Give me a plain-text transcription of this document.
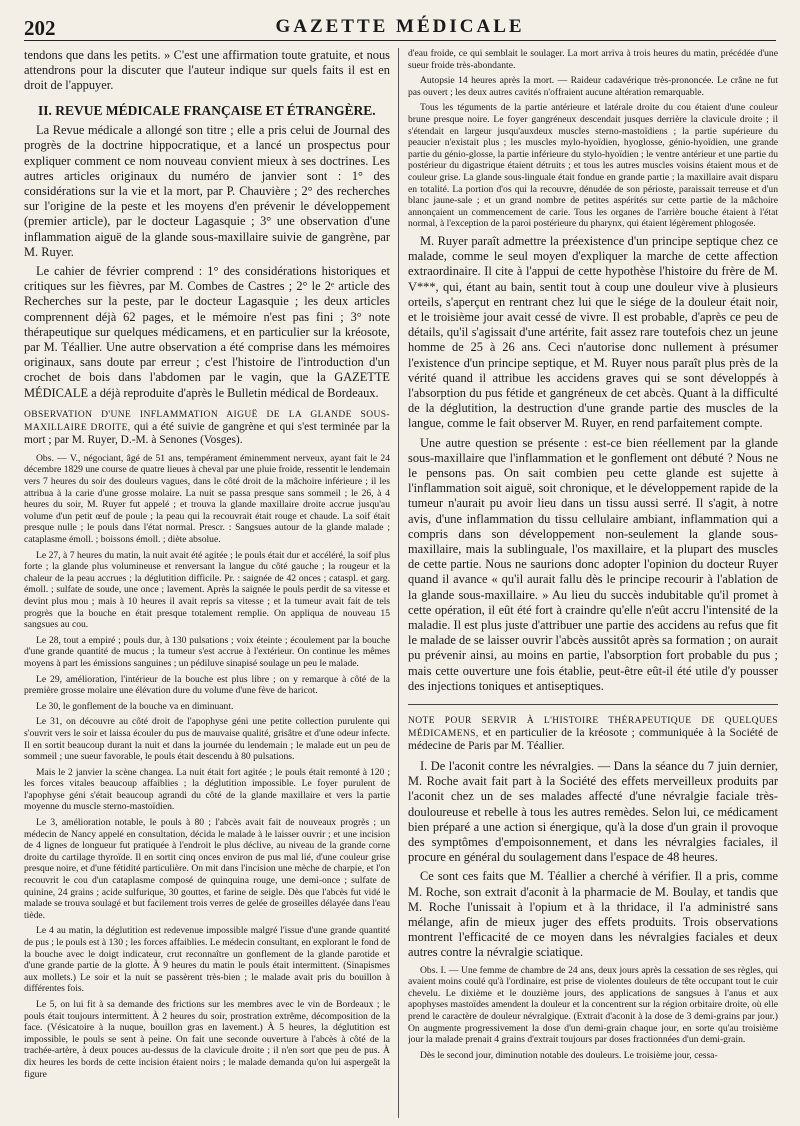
202	GAZETTE MÉDICALE

tendons que dans les petits. » C'est une affirmation toute gratuite, et nous attendrons pour la discuter que l'auteur indique sur quels faits il est en droit de l'appuyer.

II. REVUE MÉDICALE FRANÇAISE ET ÉTRANGÈRE.

La Revue médicale a allongé son titre ; elle a pris celui de Journal des progrès de la doctrine hippocratique, et a lancé un prospectus pour expliquer comment ce nom nouveau convient mieux à ses doctrines. Les autres articles originaux du numéro de janvier sont : 1° des considérations sur la vie et la mort, par P. Chauvière ; 2° des recherches sur l'origine de la peste et les moyens d'en prévenir le développement (premier article), par le docteur Lagasquie ; 3° une observation d'une inflammation aiguë de la glande sous-maxillaire suivie de gangrène, par M. Ruyer.

Le cahier de février comprend : 1° des considérations historiques et critiques sur les fièvres, par M. Combes de Castres ; 2° le 2ᵉ article des Recherches sur la peste, par le docteur Lagasquie ; les deux articles comprennent déjà 62 pages, et le mémoire n'est pas fini ; 3° note thérapeutique sur quelques médicamens, et en particulier sur la kréosote, par M. Téallier. Une autre observation a été comprise dans les mémoires originaux, sans doute par erreur ; c'est l'histoire de l'introduction d'un crochet de bois dans l'abdomen par le vagin, que la GAZETTE MÉDICALE a déjà reproduite d'après le Bulletin médical de Bordeaux.

OBSERVATION D'UNE INFLAMMATION AIGUË DE LA GLANDE SOUS-MAXILLAIRE DROITE, qui a été suivie de gangrène et qui s'est terminée par la mort ; par M. Ruyer, D.-M. à Senones (Vosges).

Obs. — V., négociant, âgé de 51 ans, tempérament éminemment nerveux, ayant fait le 24 décembre 1829 une course de quatre lieues à cheval par une pluie froide, ressentit le lendemain vers 7 heures du soir des douleurs vagues, dans le côté droit de la mâchoire inférieure ; il les attribua à la carie d'une grosse molaire. La nuit se passa presque sans sommeil ; le 26, à 4 heures du soir, M. Ruyer fut appelé ; et trouva la glande maxillaire droite accrue jusqu'au volume d'un petit œuf de poule ; la peau qui la recouvrait était rouge et chaude. La soif était presque nulle ; le pouls dans l'état normal. Prescr. : Sangsues autour de la glande malade ; cataplasme émoll. ; boissons émoll. ; diète absolue.

Le 27, à 7 heures du matin, la nuit avait été agitée ; le pouls était dur et accéléré, la soif plus forte ; la glande plus volumineuse et renversant la langue du côté gauche ; la rougeur et la chaleur de la peau accrues ; la déglutition difficile. Pr. : saignée de 42 onces ; cataspl. et garg. émoll. ; sulfate de soude, une once ; lavement. Après la saignée le pouls perdit de sa vitesse et devint plus mou ; mais à 10 heures il avait repris sa vitesse ; et la tumeur avait fait de tels progrès que la bouche en était presque totalement remplie. On appliqua de nouveau 15 sangsues au cou.

Le 28, tout a empiré ; pouls dur, à 130 pulsations ; voix éteinte ; écoulement par la bouche d'une grande quantité de mucus ; la tumeur s'est accrue à l'extérieur. On continue les mêmes moyens à part les émissions sanguines ; un pédiluve sinapisé soulage un peu le malade.

Le 29, amélioration, l'intérieur de la bouche est plus libre ; on y remarque à côté de la première grosse molaire une élévation dure du volume d'une fève de haricot.

Le 30, le gonflement de la bouche va en diminuant.

Le 31, on découvre au côté droit de l'apophyse géni une petite collection purulente qui s'ouvrit vers le soir et laissa écouler du pus de mauvaise qualité, grisâtre et d'une odeur infecte. Il en sortit beaucoup durant la nuit et dans la journée du lendemain ; le malade eut un peu de sommeil ; une sueur favorable, le pouls était descendu à 80 pulsations.

Mais le 2 janvier la scène changea. La nuit était fort agitée ; le pouls était remonté à 120 ; les forces vitales beaucoup affaiblies ; la déglutition impossible. Le foyer purulent de l'apophyse géni s'était beaucoup agrandi du côté de la glande maxillaire et vers la partie moyenne du muscle sterno-mastoïdien.

Le 3, amélioration notable, le pouls à 80 ; l'abcès avait fait de nouveaux progrès ; un médecin de Nancy appelé en consultation, décida le malade à le laisser ouvrir ; et une incision de 4 lignes de longueur fut pratiquée à l'endroit le plus déclive, au niveau de la grande corne droite du cartilage thyroïde. Il en sortit cinq onces environ de pus mal lié, d'une couleur grise presque noire, et d'une fétidité particulière. On mit dans l'incision une mèche de charpie, et l'on recouvrit le cou d'un cataplasme composé de quinquina rouge, une demi-once ; sulfate de quinine, 24 grains ; acide sulfurique, 30 gouttes, et farine de seigle. Dès que l'abcès fut vidé le malade se trouva soulagé et but facilement trois verres de gelée de groseilles délayée dans l'eau tiède.

Le 4 au matin, la déglutition est redevenue impossible malgré l'issue d'une grande quantité de pus ; le pouls est à 130 ; les forces affaiblies. Le médecin consultant, en explorant le fond de la bouche avec le doigt indicateur, crut reconnaître un gonflement de la glande parotide et d'une grande partie de la glotte. À 9 heures du matin le pouls était intermittent. (Sinapismes aux mollets.) Le soir et la nuit se passèrent très-bien ; le malade avait pris du bouillon à différentes fois.

Le 5, on lui fit à sa demande des frictions sur les membres avec le vin de Bordeaux ; le pouls était toujours intermittent. À 2 heures du soir, prostration extrême, décomposition de la face. (Vésicatoire à la nuque, bouillon gras en lavement.) À 5 heures, la déglutition est impossible, le pouls se sent à peine. On fait une seconde ouverture à l'abcès à côté de la trachée-artère, à deux pouces au-dessus de la clavicule droite ; il n'en sort que peu de pus. À dix heures les bords de cette incision étaient noirs ; le malade demanda qu'on lui aspergeât la figure

d'eau froide, ce qui semblait le soulager. La mort arriva à trois heures du matin, précédée d'une sueur froide très-abondante.

Autopsie 14 heures après la mort. — Raideur cadavérique très-prononcée. Le crâne ne fut pas ouvert ; les deux autres cavités n'offraient aucune altération remarquable.

Tous les téguments de la partie antérieure et latérale droite du cou étaient d'une couleur brune presque noire. Le foyer gangréneux descendait jusques derrière la clavicule droite ; il s'étendait en largeur jusqu'auxdeux muscles sterno-mastoïdiens ; la partie supérieure du peaucier n'existait plus ; les muscles mylo-hyoïdien, hyoglosse, génio-hyoïdien, une grande partie du génio-glosse, la partie inférieure du stylo-hyoïdien ; le ventre antérieur et une partie du postérieur du digastrique étaient détruits ; et tous les autres muscles voisins étaient mous et de couleur grise. La glande sous-linguale était fondue en grande partie ; la maxillaire avait disparu en totalité. La portion d'os qui la recouvre, dénudée de son périoste, paraissait terreuse et d'un blanc jaune-sale ; et un grand nombre de petites aspérités sur cette partie de la mâchoire annonçaient un commencement de carie. Tous les organes de l'arrière bouche étaient à l'état normal, à l'exception de la paroi postérieure du pharynx, qui étaient légèrement phlogosée.

M. Ruyer paraît admettre la préexistence d'un principe septique chez ce malade, comme le seul moyen d'expliquer la marche de cette affection extraordinaire. Il cite à l'appui de cette hypothèse l'histoire du frère de M. V***, qui, étant au bain, sentit tout à coup une douleur vive à plusieurs orteils, s'aperçut en rentrant chez lui que le siége de la douleur était noir, et le troisième jour avait cessé de vivre. Il est probable, d'après ce peu de détails, qu'il s'agissait d'une artérite, fait assez rare toutefois chez un jeune homme de 25 à 26 ans. Ceci n'autorise donc nullement à présumer l'existence d'un principe septique, et M. Ruyer nous paraît plus près de la vérité quand il attribue les accidens graves qui se sont développés à l'absorption du pus fétide et gangréneux de cet abcès. Quant à la difficulté de la déglutition, la destruction d'une grande partie des muscles de la langue, comme le fait observer M. Ruyer, en rend parfaitement compte.

Une autre question se présente : est-ce bien réellement par la glande sous-maxillaire que l'inflammation et le gonflement ont débuté ? Nous ne le pensons pas. On sait combien peu cette glande est sujette à l'inflammation soit aiguë, soit chronique, et le développement rapide de la tumeur n'aurait pu avoir lieu dans un tissu aussi serré. Il s'agit, à notre avis, d'une inflammation du tissu cellulaire ambiant, inflammation qui a compris dans son développement non-seulement la glande sous-maxillaire, mais la sublinguale, l'os maxillaire, et la plupart des muscles de cette partie. Nous ne saurions donc adopter l'opinion du docteur Ruyer quand il avance « qu'il aurait fallu dès le principe recourir à l'ablation de la glande sous-maxillaire. » Au lieu du succès indubitable qu'il promet à cette opération, il eût été fort à craindre qu'elle n'eût accru l'intensité de la maladie. Il est plus juste d'attribuer une partie des accidens au refus que fit le malade de se laisser ouvrir l'abcès aussitôt après sa formation ; on aurait pu prévenir ainsi, au moins en partie, l'absorption fort probable du pus ; mais cette ouverture une fois établie, peut-être eût-il été utile d'y pousser des injections toniques et antiseptiques.

NOTE POUR SERVIR À L'HISTOIRE THÉRAPEUTIQUE DE QUELQUES MÉDICAMENS, et en particulier de la kréosote ; communiquée à la Société de médecine de Paris par M. Téallier.

I. De l'aconit contre les névralgies. — Dans la séance du 7 juin dernier, M. Roche avait fait part à la Société des effets merveilleux produits par l'aconit chez un de ses malades affecté d'une névralgie faciale très-douloureuse et rebelle à tous les autres remèdes. Selon lui, ce médicament bien préparé a une action si énergique, qu'à la dose d'un grain il provoque des symptômes d'empoisonnement, et dans les névralgies faciales, il procure en général du soulagement dans l'espace de 48 heures.

Ce sont ces faits que M. Téallier a cherché à vérifier. Il a pris, comme M. Roche, son extrait d'aconit à la pharmacie de M. Boulay, et tandis que M. Roche l'unissait à l'opium et à la thridace, il l'a administré sans mélange, afin de mieux juger des effets produits. Trois observations montrent l'efficacité de ce moyen dans les névralgies faciales et deux autres contre la névralgie sciatique.

Obs. I. — Une femme de chambre de 24 ans, deux jours après la cessation de ses règles, qui avaient moins coulé qu'à l'ordinaire, est prise de violentes douleurs de tête occupant tout le cuir chevelu. Le dixième et le douzième jours, des applications de sangsues à l'anus et aux apophyses mastoïdes amendent la douleur et la concentrent sur la région orbitaire droite, où elle prend le caractère de douleur névralgique. (Extrait d'aconit à la dose de 3 demi-grains par jour.) On augmente progressivement la dose d'un demi-grain chaque jour, en sorte qu'au troisième jour la malade prenait 4 grains d'extrait toujours par doses fractionnées d'un demi-grain.

Dès le second jour, diminution notable des douleurs. Le troisième jour, cessa-
